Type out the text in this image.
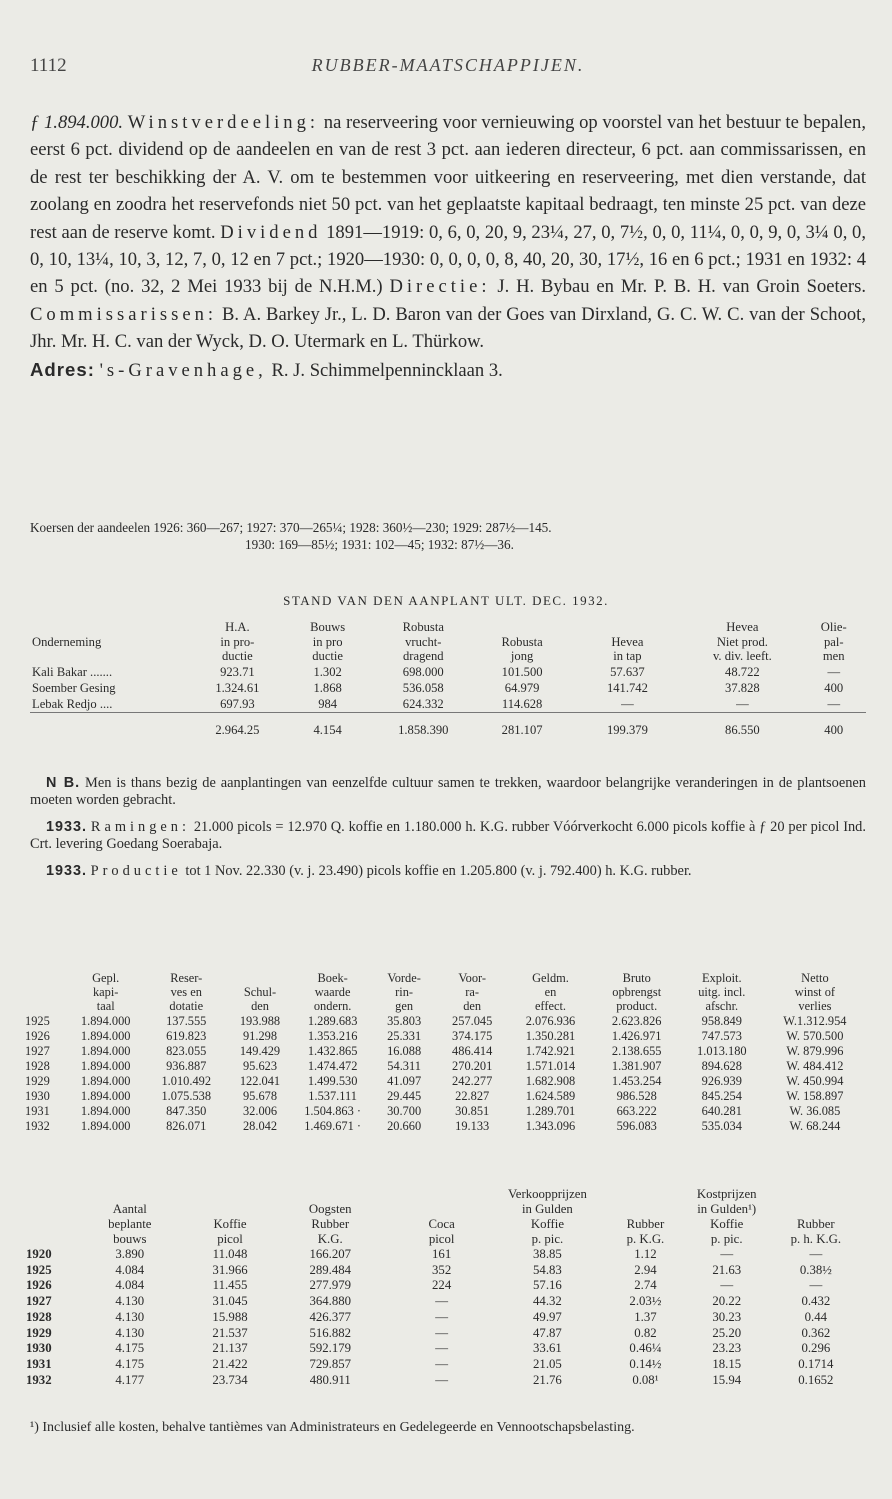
1112	RUBBER-MAATSCHAPPIJEN.

ƒ 1.894.000. Winstverdeeling: na reserveering voor vernieuwing op voorstel van het bestuur te bepalen, eerst 6 pct. dividend op de aandeelen en van de rest 3 pct. aan iederen directeur, 6 pct. aan commissarissen, en de rest ter beschikking der A. V. om te bestemmen voor uitkeering en reserveering, met dien verstande, dat zoolang en zoodra het reservefonds niet 50 pct. van het geplaatste kapitaal bedraagt, ten minste 25 pct. van deze rest aan de reserve komt. Dividend 1891—1919: 0, 6, 0, 20, 9, 23¼, 27, 0, 7½, 0, 0, 11¼, 0, 0, 9, 0, 3¼ 0, 0, 0, 10, 13¼, 10, 3, 12, 7, 0, 12 en 7 pct.; 1920—1930: 0, 0, 0, 0, 8, 40, 20, 30, 17½, 16 en 6 pct.; 1931 en 1932: 4 en 5 pct. (no. 32, 2 Mei 1933 bij de N.H.M.) Directie: J. H. Bybau en Mr. P. B. H. van Groin Soeters. Commissarissen: B. A. Barkey Jr., L. D. Baron van der Goes van Dirxland, G. C. W. C. van der Schoot, Jhr. Mr. H. C. van der Wyck, D. O. Utermark en L. Thürkow.

Adres: 's-Gravenhage, R. J. Schimmelpennincklaan 3.

Koersen der aandeelen 1926: 360—267; 1927: 370—265¼; 1928: 360½—230; 1929: 287½—145.
1930: 169—85½; 1931: 102—45; 1932: 87½—36.
STAND VAN DEN AANPLANT ULT. DEC. 1932.
	H.A.	Bouws	Robusta			Hevea	Olie-
Onderneming	in pro-	in pro	vrucht-	Robusta	Hevea	Niet prod.	pal-
	ductie	ductie	dragend	jong	in tap	v. div. leeft.	men
Kali Bakar .......	923.71	1.302	698.000	101.500	57.637	48.722	—
Soember Gesing	1.324.61	1.868	536.058	64.979	141.742	37.828	400
Lebak Redjo ....	697.93	984	624.332	114.628	—	—	—
	2.964.25	4.154	1.858.390	281.107	199.379	86.550	400

N B. Men is thans bezig de aanplantingen van eenzelfde cultuur samen te trekken, waardoor belangrijke veranderingen in de plantsoenen moeten worden gebracht.

1933. Ramingen: 21.000 picols = 12.970 Q. koffie en 1.180.000 h. K.G. rubber Vóórverkocht 6.000 picols koffie à ƒ 20 per picol Ind. Crt. levering Goedang Soerabaja.

1933. Productie tot 1 Nov. 22.330 (v. j. 23.490) picols koffie en 1.205.800 (v. j. 792.400) h. K.G. rubber.

	Gepl.	Reser-		Boek-	Vorde-	Voor-	Geldm.	Bruto	Exploit.	Netto
	kapi-	ves en	Schul-	waarde	rin-	ra-	en	opbrengst	uitg. incl.	winst of
	taal	dotatie	den	ondern.	gen	den	effect.	product.	afschr.	verlies
1925	1.894.000	137.555	193.988	1.289.683	35.803	257.045	2.076.936	2.623.826	958.849	W.1.312.954
1926	1.894.000	619.823	91.298	1.353.216	25.331	374.175	1.350.281	1.426.971	747.573	W. 570.500
1927	1.894.000	823.055	149.429	1.432.865	16.088	486.414	1.742.921	2.138.655	1.013.180	W. 879.996
1928	1.894.000	936.887	95.623	1.474.472	54.311	270.201	1.571.014	1.381.907	894.628	W. 484.412
1929	1.894.000	1.010.492	122.041	1.499.530	41.097	242.277	1.682.908	1.453.254	926.939	W. 450.994
1930	1.894.000	1.075.538	95.678	1.537.111	29.445	22.827	1.624.589	986.528	845.254	W. 158.897
1931	1.894.000	847.350	32.006	1.504.863 ·	30.700	30.851	1.289.701	663.222	640.281	W. 36.085
1932	1.894.000	826.071	28.042	1.469.671 ·	20.660	19.133	1.343.096	596.083	535.034	W. 68.244
					Verkoopprijzen		Kostprijzen	
	Aantal		Oogsten		in Gulden		in Gulden¹)	
	beplante	Koffie	Rubber	Coca	Koffie	Rubber	Koffie	Rubber
	bouws	picol	K.G.	picol	p. pic.	p. K.G.	p. pic.	p. h. K.G.
1920	3.890	11.048	166.207	161	38.85	1.12	—	—
1925	4.084	31.966	289.484	352	54.83	2.94	21.63	0.38½
1926	4.084	11.455	277.979	224	57.16	2.74	—	—
1927	4.130	31.045	364.880	—	44.32	2.03½	20.22	0.432
1928	4.130	15.988	426.377	—	49.97	1.37	30.23	0.44
1929	4.130	21.537	516.882	—	47.87	0.82	25.20	0.362
1930	4.175	21.137	592.179	—	33.61	0.46¼	23.23	0.296
1931	4.175	21.422	729.857	—	21.05	0.14½	18.15	0.1714
1932	4.177	23.734	480.911	—	21.76	0.08¹	15.94	0.1652
¹) Inclusief alle kosten, behalve tantièmes van Administrateurs en Gedelegeerde en Vennootschapsbelasting.
